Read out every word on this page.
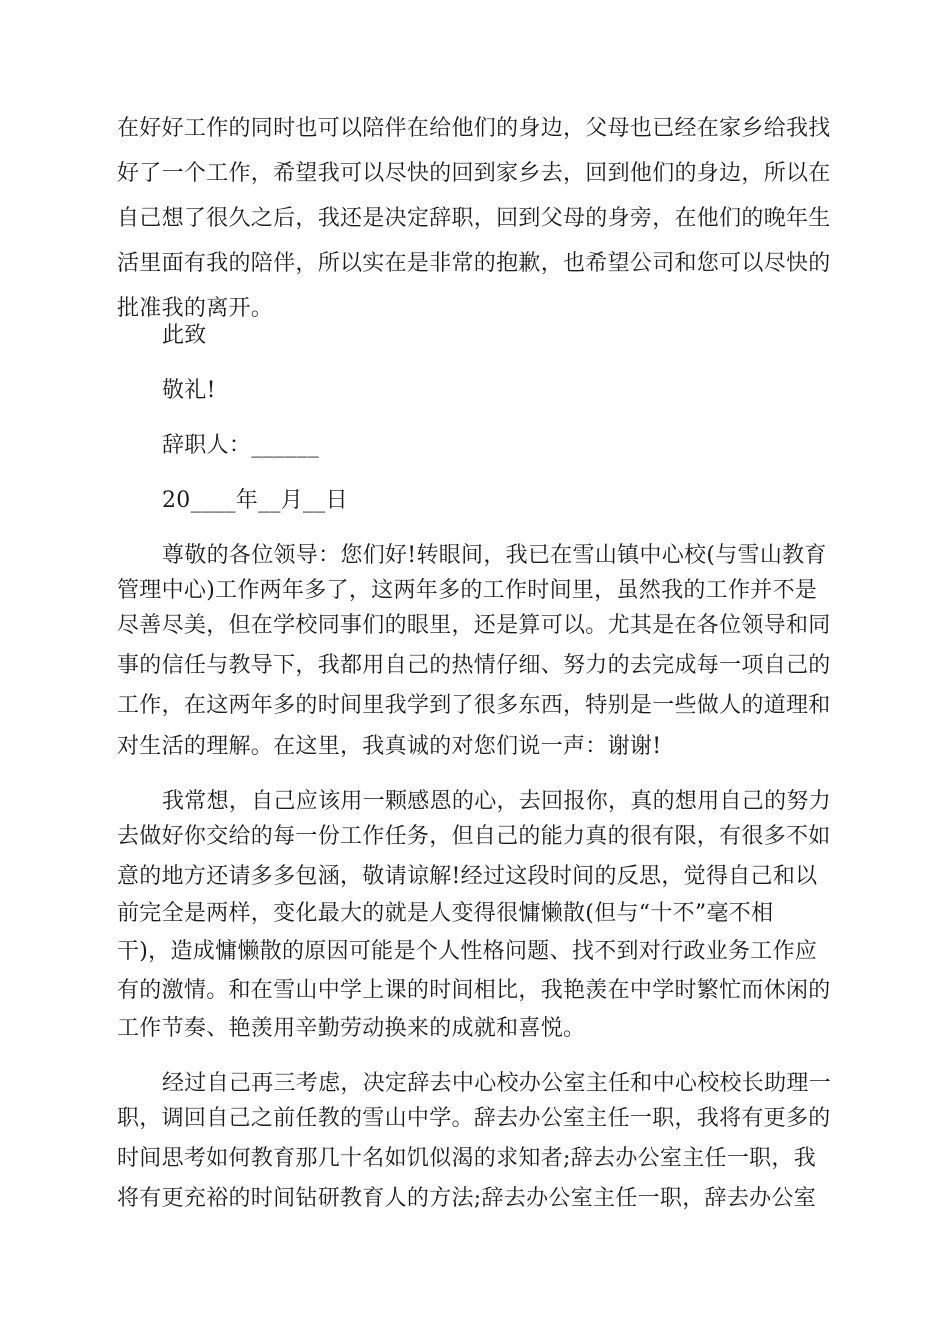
在好好工作的同时也可以陪伴在给他们的身边，父母也已经在家乡给我找
好了一个工作，希望我可以尽快的回到家乡去，回到他们的身边，所以在
自己想了很久之后，我还是决定辞职，回到父母的身旁，在他们的晚年生
活里面有我的陪伴，所以实在是非常的抱歉，也希望公司和您可以尽快的
批准我的离开。
此致
敬礼!
辞职人：______
20____年__月__日
尊敬的各位领导：您们好!转眼间，我已在雪山镇中心校(与雪山教育
管理中心)工作两年多了，这两年多的工作时间里，虽然我的工作并不是
尽善尽美，但在学校同事们的眼里，还是算可以。尤其是在各位领导和同
事的信任与教导下，我都用自己的热情仔细、努力的去完成每一项自己的
工作，在这两年多的时间里我学到了很多东西，特别是一些做人的道理和
对生活的理解。在这里，我真诚的对您们说一声：谢谢!
我常想，自己应该用一颗感恩的心，去回报你，真的想用自己的努力
去做好你交给的每一份工作任务，但自己的能力真的很有限，有很多不如
意的地方还请多多包涵，敬请谅解!经过这段时间的反思，觉得自己和以
前完全是两样，变化最大的就是人变得很慵懒散(但与“十不”毫不相
干)，造成慵懒散的原因可能是个人性格问题、找不到对行政业务工作应
有的激情。和在雪山中学上课的时间相比，我艳羡在中学时繁忙而休闲的
工作节奏、艳羡用辛勤劳动换来的成就和喜悦。
经过自己再三考虑，决定辞去中心校办公室主任和中心校校长助理一
职，调回自己之前任教的雪山中学。辞去办公室主任一职，我将有更多的
时间思考如何教育那几十名如饥似渴的求知者;辞去办公室主任一职，我
将有更充裕的时间钻研教育人的方法;辞去办公室主任一职，辞去办公室
